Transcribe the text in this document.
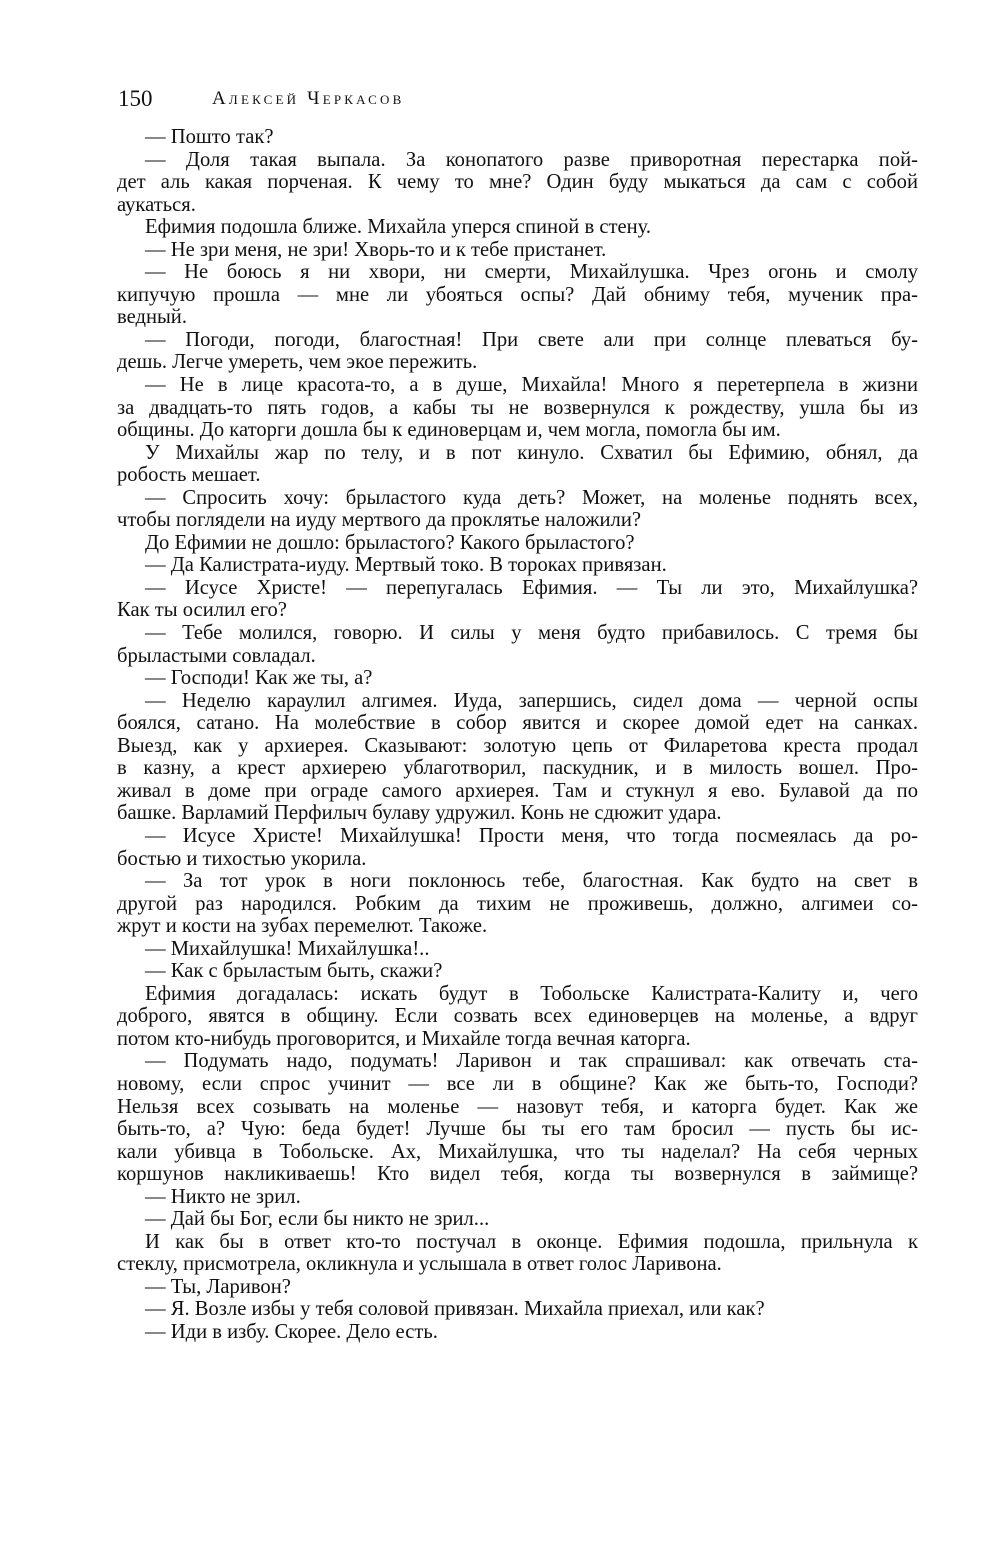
150	Алексей Черкасов
— Пошто так?
— Доля такая выпала. За конопатого разве приворотная перестарка пой-
дет аль какая порченая. К чему то мне? Один буду мыкаться да сам с собой
аукаться.
Ефимия подошла ближе. Михайла уперся спиной в стену.
— Не зри меня, не зри! Хворь-то и к тебе пристанет.
— Не боюсь я ни хвори, ни смерти, Михайлушка. Чрез огонь и смолу
кипучую прошла — мне ли убояться оспы? Дай обниму тебя, мученик пра-
ведный.
— Погоди, погоди, благостная! При свете али при солнце плеваться бу-
дешь. Легче умереть, чем экое пережить.
— Не в лице красота-то, а в душе, Михайла! Много я перетерпела в жизни
за двадцать-то пять годов, а кабы ты не возвернулся к рождеству, ушла бы из
общины. До каторги дошла бы к единоверцам и, чем могла, помогла бы им.
У Михайлы жар по телу, и в пот кинуло. Схватил бы Ефимию, обнял, да
робость мешает.
— Спросить хочу: брыластого куда деть? Может, на моленье поднять всех,
чтобы поглядели на иуду мертвого да проклятье наложили?
До Ефимии не дошло: брыластого? Какого брыластого?
— Да Калистрата-иуду. Мертвый токо. В тороках привязан.
— Исусе Христе! — перепугалась Ефимия. — Ты ли это, Михайлушка?
Как ты осилил его?
— Тебе молился, говорю. И силы у меня будто прибавилось. С тремя бы
брыластыми совладал.
— Господи! Как же ты, а?
— Неделю караулил алгимея. Иуда, запершись, сидел дома — черной оспы
боялся, сатано. На молебствие в собор явится и скорее домой едет на санках.
Выезд, как у архиерея. Сказывают: золотую цепь от Филаретова креста продал
в казну, а крест архиерею ублаготворил, паскудник, и в милость вошел. Про-
живал в доме при ограде самого архиерея. Там и стукнул я ево. Булавой да по
башке. Варламий Перфилыч булаву удружил. Конь не сдюжит удара.
— Исусе Христе! Михайлушка! Прости меня, что тогда посмеялась да ро-
бостью и тихостью укорила.
— За тот урок в ноги поклонюсь тебе, благостная. Как будто на свет в
другой раз народился. Робким да тихим не проживешь, должно, алгимеи со-
жрут и кости на зубах перемелют. Такоже.
— Михайлушка! Михайлушка!..
— Как с брыластым быть, скажи?
Ефимия догадалась: искать будут в Тобольске Калистрата-Калиту и, чего
доброго, явятся в общину. Если созвать всех единоверцев на моленье, а вдруг
потом кто-нибудь проговорится, и Михайле тогда вечная каторга.
— Подумать надо, подумать! Ларивон и так спрашивал: как отвечать ста-
новому, если спрос учинит — все ли в общине? Как же быть-то, Господи?
Нельзя всех созывать на моленье — назовут тебя, и каторга будет. Как же
быть-то, а? Чую: беда будет! Лучше бы ты его там бросил — пусть бы ис-
кали убивца в Тобольске. Ах, Михайлушка, что ты наделал? На себя черных
коршунов накликиваешь! Кто видел тебя, когда ты возвернулся в займище?
— Никто не зрил.
— Дай бы Бог, если бы никто не зрил...
И как бы в ответ кто-то постучал в оконце. Ефимия подошла, прильнула к
стеклу, присмотрела, окликнула и услышала в ответ голос Ларивона.
— Ты, Ларивон?
— Я. Возле избы у тебя соловой привязан. Михайла приехал, или как?
— Иди в избу. Скорее. Дело есть.
